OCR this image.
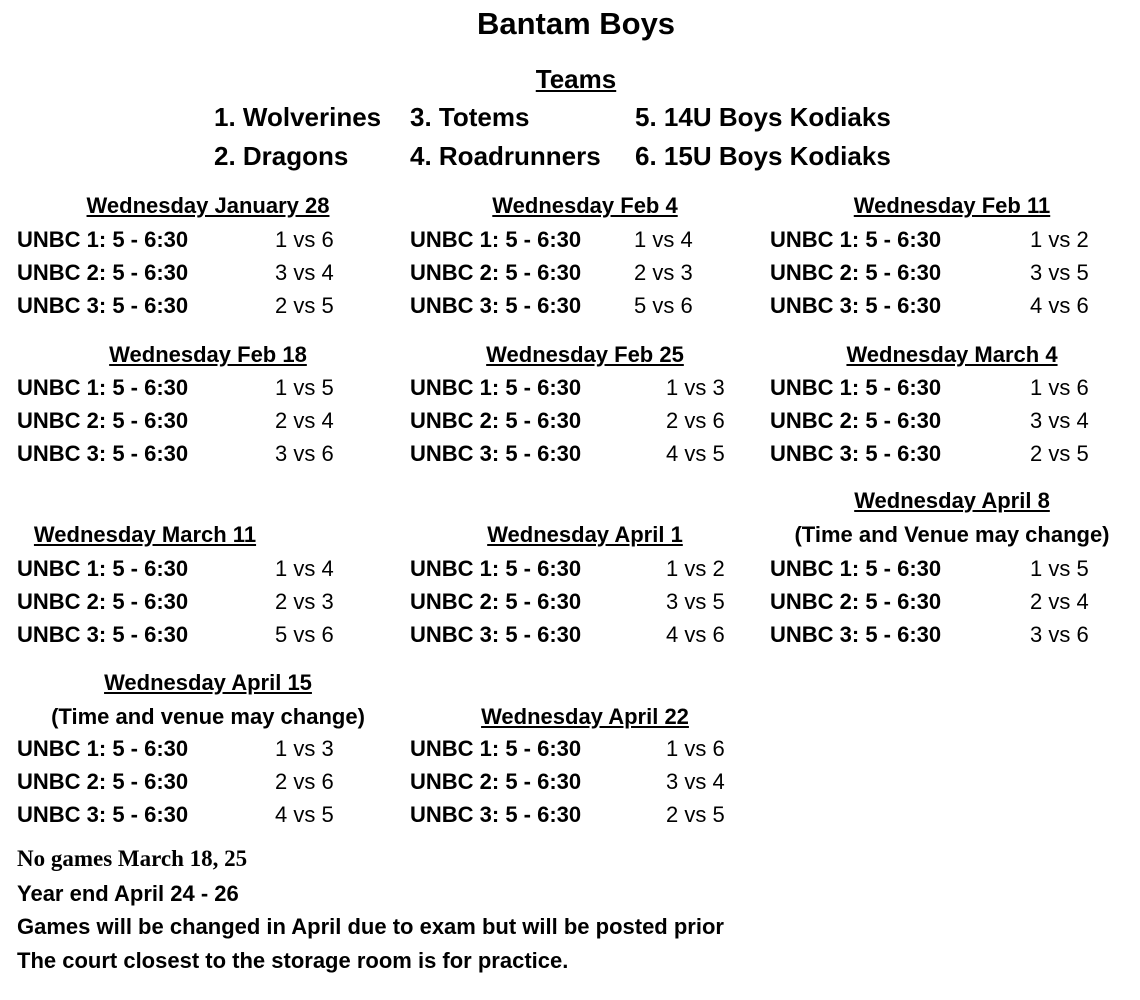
Bantam Boys
Teams
1. Wolverines
2. Dragons
3. Totems
4. Roadrunners
5. 14U Boys Kodiaks
6. 15U Boys Kodiaks
Wednesday January 28
UNBC 1: 5 - 6:30	1 vs 6
UNBC 2: 5 - 6:30	3 vs 4
UNBC 3: 5 - 6:30	2 vs 5
Wednesday Feb 4
UNBC 1: 5 - 6:30 1 vs 4
UNBC 2: 5 - 6:30 2 vs 3
UNBC 3: 5 - 6:30 5 vs 6
Wednesday Feb 11
UNBC 1: 5 - 6:30	1 vs 2
UNBC 2: 5 - 6:30	3 vs 5
UNBC 3: 5 - 6:30	4 vs 6
Wednesday Feb 18
UNBC 1: 5 - 6:30	1 vs 5
UNBC 2: 5 - 6:30	2 vs 4
UNBC 3: 5 - 6:30	3 vs 6
Wednesday Feb 25
UNBC 1: 5 - 6:30	1 vs 3
UNBC 2: 5 - 6:30	2 vs 6
UNBC 3: 5 - 6:30	4 vs 5
Wednesday March 4
UNBC 1: 5 - 6:30	1 vs 6
UNBC 2: 5 - 6:30	3 vs 4
UNBC 3: 5 - 6:30	2 vs 5
Wednesday March 11
UNBC 1: 5 - 6:30	1 vs 4
UNBC 2: 5 - 6:30	2 vs 3
UNBC 3: 5 - 6:30	5 vs 6
Wednesday April 1
UNBC 1: 5 - 6:30	1 vs 2
UNBC 2: 5 - 6:30	3 vs 5
UNBC 3: 5 - 6:30	4 vs 6
Wednesday April 8
(Time and Venue may change)
UNBC 1: 5 - 6:30	1 vs 5
UNBC 2: 5 - 6:30	2 vs 4
UNBC 3: 5 - 6:30	3 vs 6
Wednesday April 15
(Time and venue may change)
UNBC 1: 5 - 6:30	1 vs 3
UNBC 2: 5 - 6:30	2 vs 6
UNBC 3: 5 - 6:30	4 vs 5
Wednesday April 22
UNBC 1: 5 - 6:30	1 vs 6
UNBC 2: 5 - 6:30	3 vs 4
UNBC 3: 5 - 6:30	2 vs 5
No games March 18, 25
Year end April 24 - 26
Games will be changed in April due to exam but will be posted prior
The court closest to the storage room is for practice.
